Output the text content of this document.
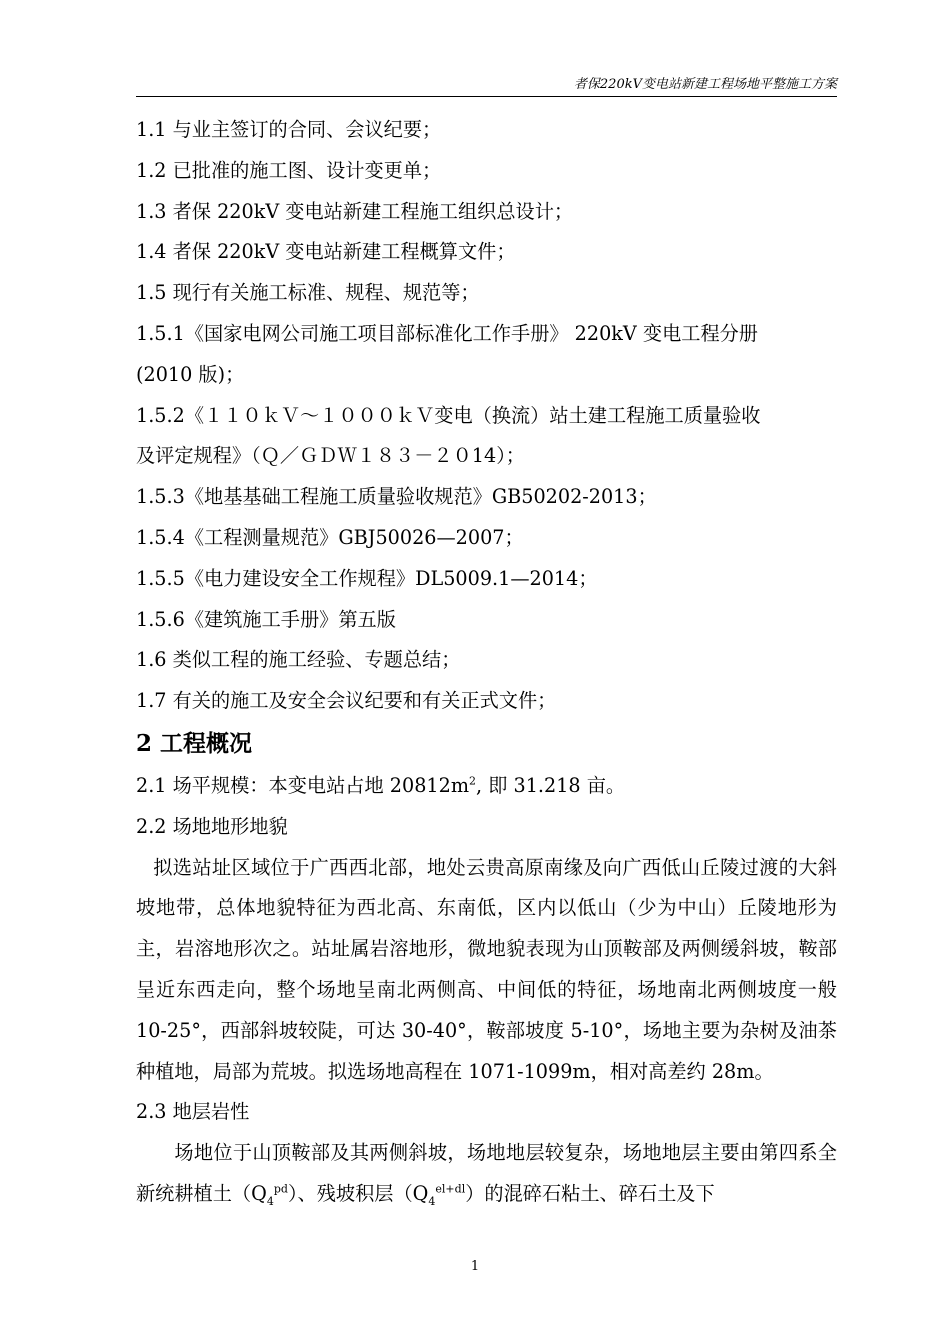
者保220kV变电站新建工程场地平整施工方案

1.1 与业主签订的合同、会议纪要；

1.2 已批准的施工图、设计变更单；

1.3 者保 220kV 变电站新建工程施工组织总设计；

1.4 者保 220kV 变电站新建工程概算文件；

1.5 现行有关施工标准、规程、规范等；

1.5.1《国家电网公司施工项目部标准化工作手册》 220kV 变电工程分册

(2010 版)；

1.5.2《１１０ｋＶ～１０００ｋＶ变电（换流）站土建工程施工质量验收

及评定规程》（Ｑ／ＧＤＷ１８３－２０14）；

1.5.3《地基基础工程施工质量验收规范》GB50202-2013；

1.5.4《工程测量规范》GBJ50026—2007；

1.5.5《电力建设安全工作规程》DL5009.1—2014；

1.5.6《建筑施工手册》第五版

1.6 类似工程的施工经验、专题总结；

1.7 有关的施工及安全会议纪要和有关正式文件；

2 工程概况

2.1 场平规模：本变电站占地 $20812m^2$, 即 31.218 亩。

2.2 场地地形地貌

拟选站址区域位于广西西北部，地处云贵高原南缘及向广西低山丘陵过渡的大斜坡地带，总体地貌特征为西北高、东南低，区内以低山（少为中山）丘陵地形为主，岩溶地形次之。站址属岩溶地形，微地貌表现为山顶鞍部及两侧缓斜坡，鞍部呈近东西走向，整个场地呈南北两侧高、中间低的特征，场地南北两侧坡度一般 10-25°，西部斜坡较陡，可达 30-40°，鞍部坡度 5-10°，场地主要为杂树及油茶种植地，局部为荒坡。拟选场地高程在 1071-1099m，相对高差约 28m。

2.3 地层岩性

场地位于山顶鞍部及其两侧斜坡，场地地层较复杂，场地地层主要由第四系全新统耕植土$(Q_4^{pd})$、残坡积层$(Q_4^{el+dl})$的混碎石粘土、碎石土及下

1
